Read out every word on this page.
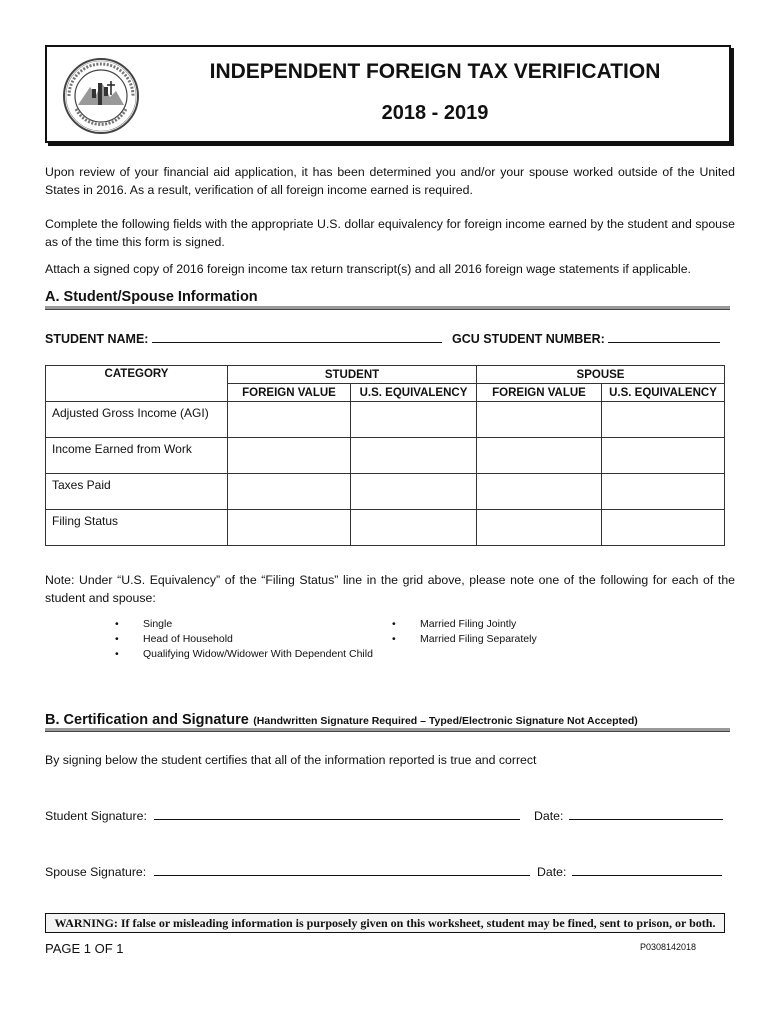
INDEPENDENT FOREIGN TAX VERIFICATION
2018 - 2019
Upon review of your financial aid application, it has been determined you and/or your spouse worked outside of the United States in 2016. As a result, verification of all foreign income earned is required.
Complete the following fields with the appropriate U.S. dollar equivalency for foreign income earned by the student and spouse as of the time this form is signed.
Attach a signed copy of 2016 foreign income tax return transcript(s) and all 2016 foreign wage statements if applicable.
A. Student/Spouse Information
STUDENT NAME:	GCU STUDENT NUMBER:
CATEGORY	STUDENT		SPOUSE	
	FOREIGN VALUE	U.S. EQUIVALENCY	FOREIGN VALUE	U.S. EQUIVALENCY
Adjusted Gross Income (AGI)				
Income Earned from Work				
Taxes Paid				
Filing Status				
Note: Under “U.S. Equivalency” of the “Filing Status” line in the grid above, please note one of the following for each of the student and spouse:
• Single
• Head of Household
• Qualifying Widow/Widower With Dependent Child
• Married Filing Jointly
• Married Filing Separately
B. Certification and Signature (Handwritten Signature Required – Typed/Electronic Signature Not Accepted)
By signing below the student certifies that all of the information reported is true and correct
Student Signature:	Date:
Spouse Signature:	Date:
WARNING: If false or misleading information is purposely given on this worksheet, student may be fined, sent to prison, or both.
PAGE 1 OF 1	P0308142018
